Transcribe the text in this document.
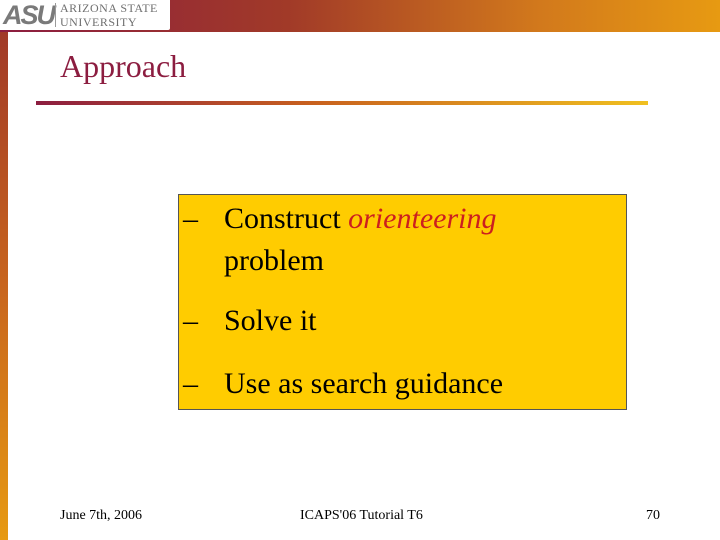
ASU ARIZONA STATE
UNIVERSITY
Approach
– Construct orienteering
problem
– Solve it
– Use as search guidance
June 7th, 2006	ICAPS'06 Tutorial T6	70
